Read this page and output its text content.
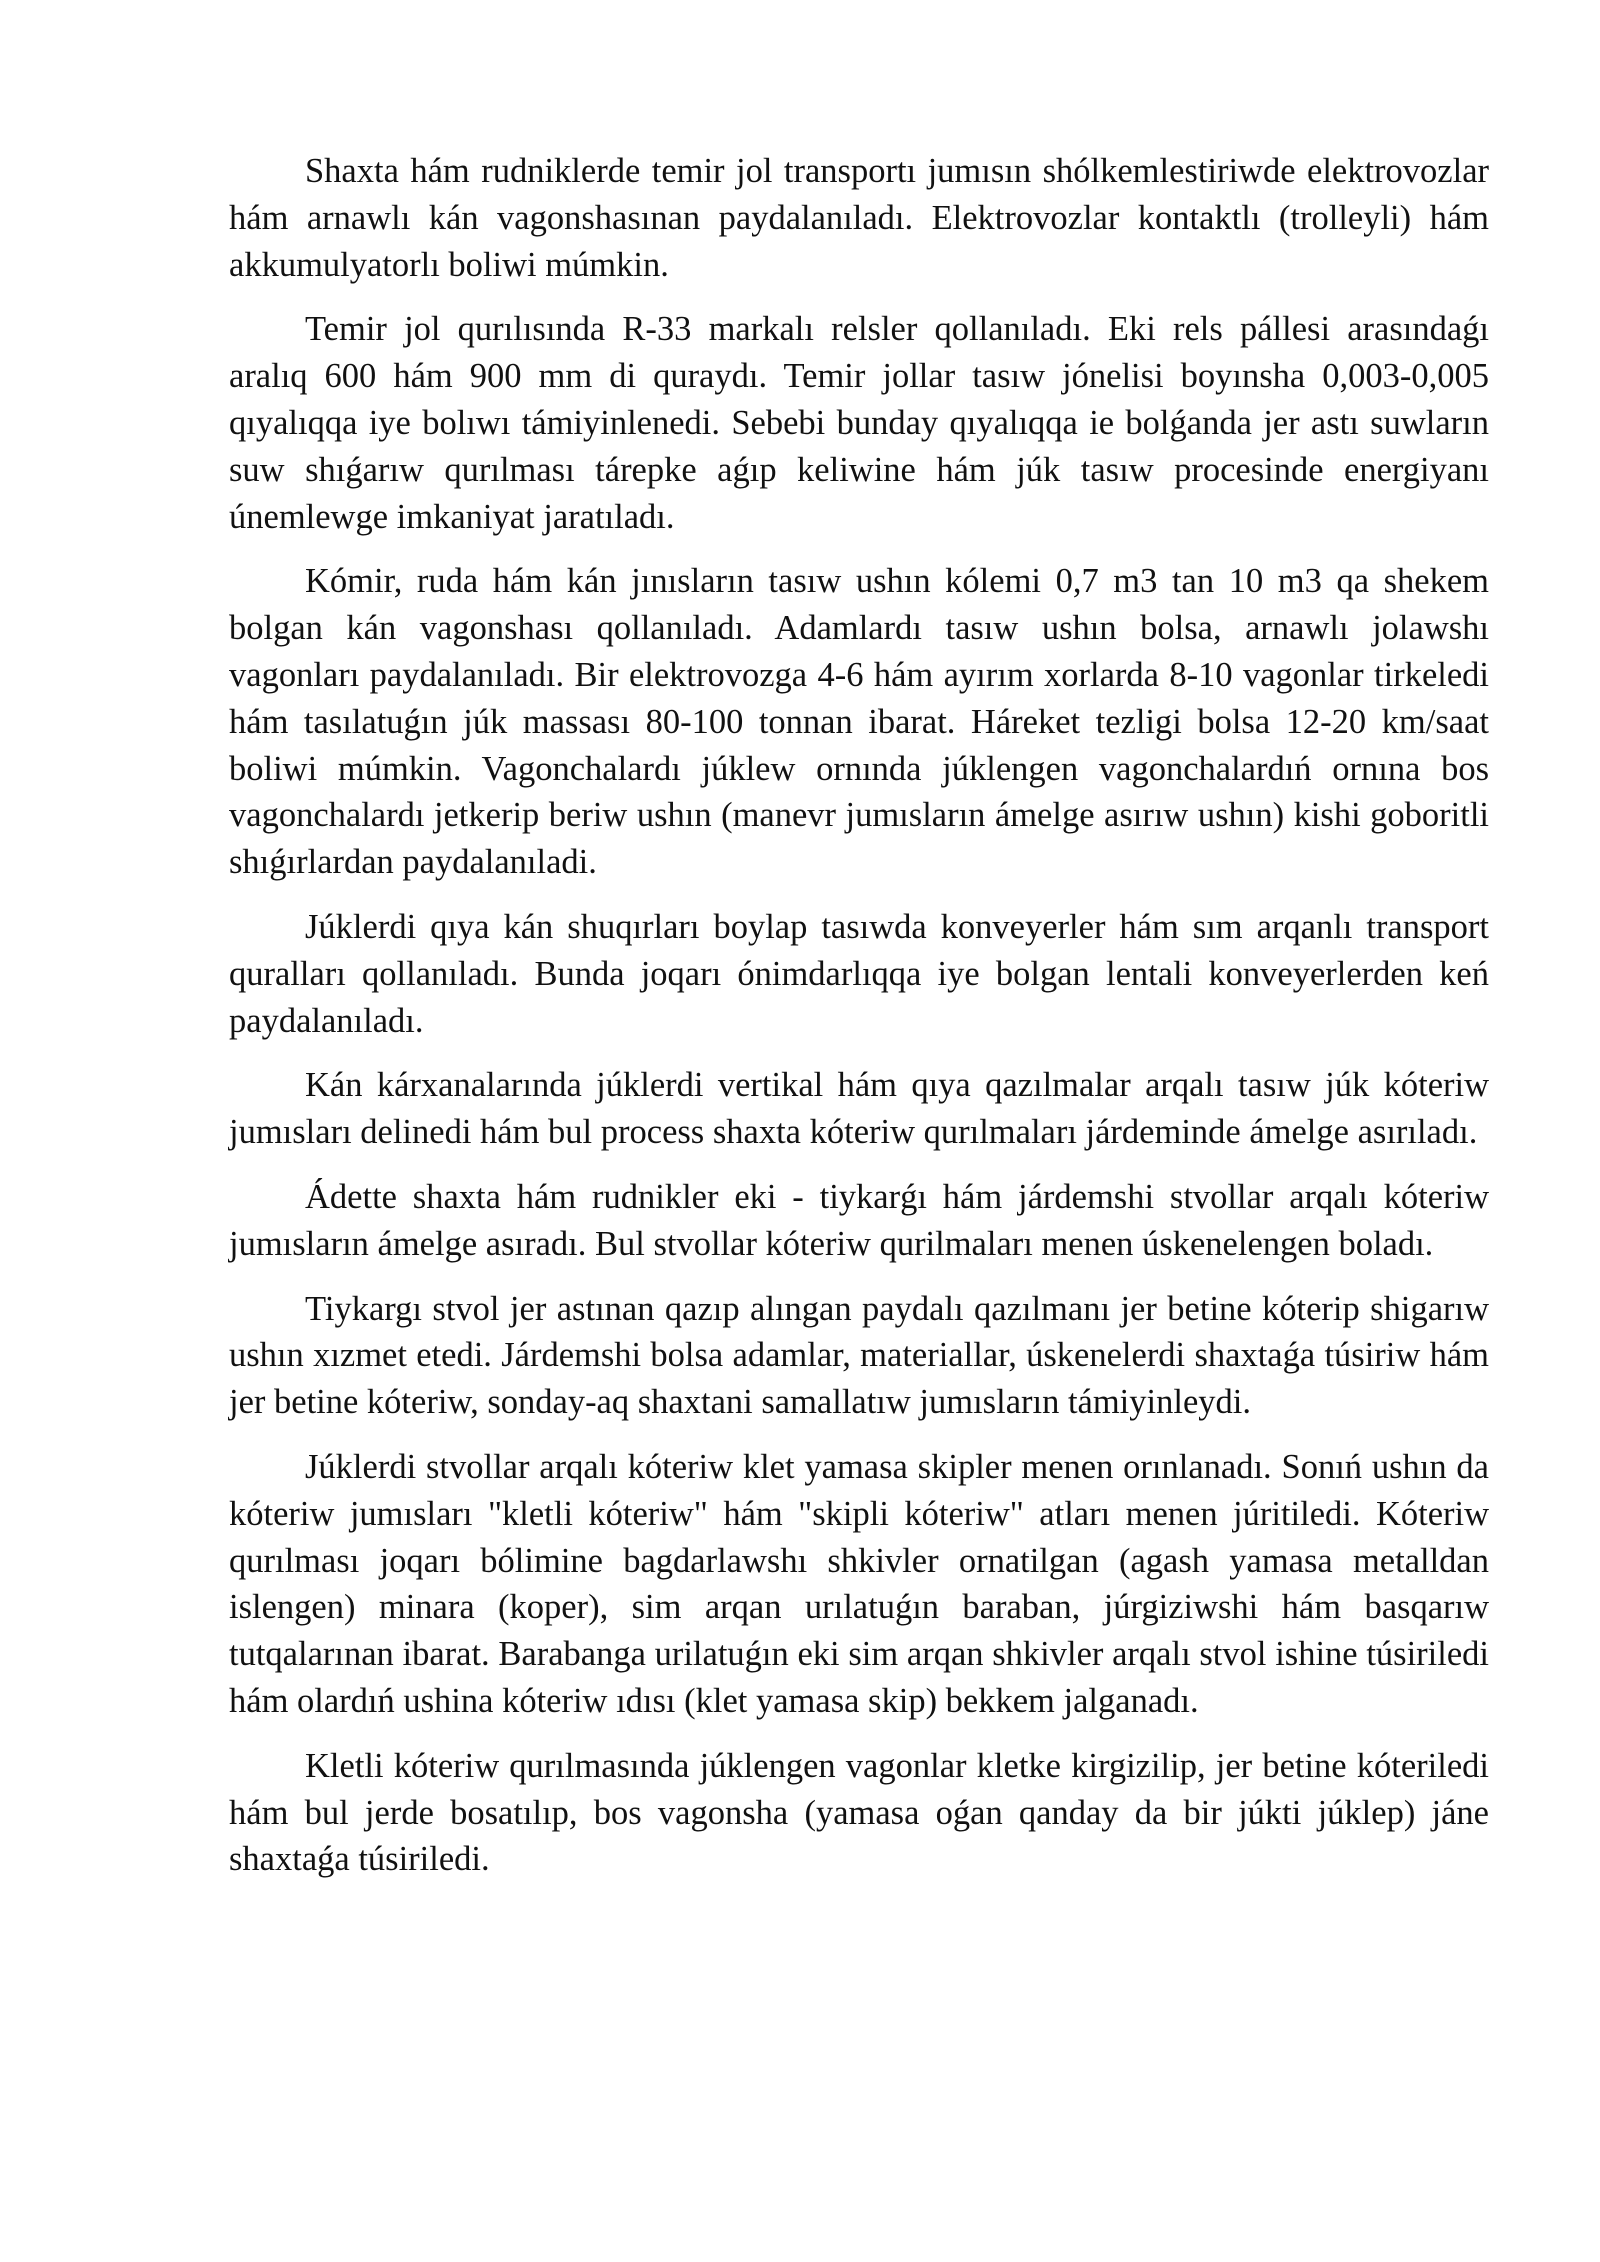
Shaxta hám rudniklerde temir jol transportı jumısın shólkemlestiriwde elektrovozlar hám arnawlı kán vagonshasınan paydalanıladı. Elektrovozlar kontaktlı (trolleyli) hám akkumulyatorlı boliwi múmkin.

Temir jol qurılısında R-33 markalı relsler qollanıladı. Eki rels pállesi arasındaǵı aralıq 600 hám 900 mm di quraydı. Temir jollar tasıw jónelisi boyınsha 0,003-0,005 qıyalıqqa iye bolıwı támiyinlenedi. Sebebi bunday qıyalıqqa ie bolǵanda jer astı suwların suw shıǵarıw qurılması tárepke aǵıp keliwine hám júk tasıw procesinde energiyanı únemlewge imkaniyat jaratıladı.

Kómir, ruda hám kán jınısların tasıw ushın kólemi 0,7 m3 tan 10 m3 qa shekem bolgan kán vagonshası qollanıladı. Adamlardı tasıw ushın bolsa, arnawlı jolawshı vagonları paydalanıladı. Bir elektrovozga 4-6 hám ayırım xorlarda 8-10 vagonlar tirkeledi hám tasılatuǵın júk massası 80-100 tonnan ibarat. Háreket tezligi bolsa 12-20 km/saat boliwi múmkin. Vagonchalardı júklew ornında júklengen vagonchalardıń ornına bos vagonchalardı jetkerip beriw ushın (manevr jumısların ámelge asırıw ushın) kishi goboritli shıǵırlardan paydalanıladi.

Júklerdi qıya kán shuqırları boylap tasıwda konveyerler hám sım arqanlı transport quralları qollanıladı. Bunda joqarı ónimdarlıqqa iye bolgan lentali konveyerlerden keń paydalanıladı.

Kán kárxanalarında júklerdi vertikal hám qıya qazılmalar arqalı tasıw júk kóteriw jumısları delinedi hám bul process shaxta kóteriw qurılmaları járdeminde ámelge asırıladı.

Ádette shaxta hám rudnikler eki - tiykarǵı hám járdemshi stvollar arqalı kóteriw jumısların ámelge asıradı. Bul stvollar kóteriw qurilmaları menen úskenelengen boladı.

Tiykargı stvol jer astınan qazıp alıngan paydalı qazılmanı jer betine kóterip shigarıw ushın xızmet etedi. Járdemshi bolsa adamlar, materiallar, úskenelerdi shaxtaǵa túsiriw hám jer betine kóteriw, sonday-aq shaxtani samallatıw jumısların támiyinleydi.

Júklerdi stvollar arqalı kóteriw klet yamasa skipler menen orınlanadı. Sonıń ushın da kóteriw jumısları "kletli kóteriw" hám "skipli kóteriw" atları menen júritiledi. Kóteriw qurılması joqarı bólimine bagdarlawshı shkivler ornatilgan (agash yamasa metalldan islengen) minara (koper), sim arqan urılatuǵın baraban, júrgiziwshi hám basqarıw tutqalarınan ibarat. Barabanga urilatuǵın eki sim arqan shkivler arqalı stvol ishine túsiriledi hám olardıń ushina kóteriw ıdısı (klet yamasa skip) bekkem jalganadı.

Kletli kóteriw qurılmasında júklengen vagonlar kletke kirgizilip, jer betine kóteriledi hám bul jerde bosatılıp, bos vagonsha (yamasa oǵan qanday da bir júkti júklep) jáne shaxtaǵa túsiriledi.
